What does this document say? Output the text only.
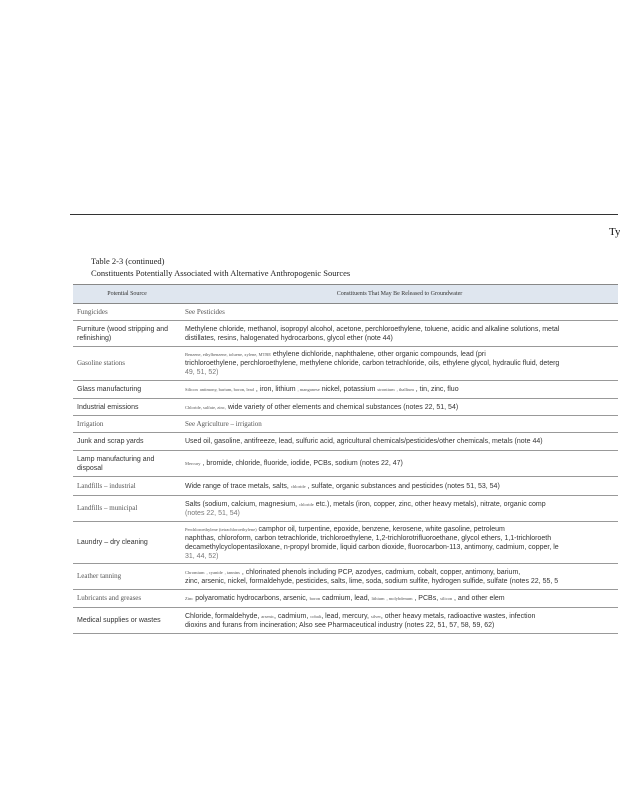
Ty
Table 2-3 (continued)
Constituents Potentially Associated with Alternative Anthropogenic Sources
Potential Source	Constituents That May Be Released to Groundwater
Fungicides	See Pesticides
Furniture (wood stripping and refinishing)	Methylene chloride, methanol, isopropyl alcohol, acetone, perchloroethylene, toluene, acidic and alkaline solutions, metal
distillates, resins, halogenated hydrocarbons, glycol ether (note 44)

Gasoline stations	Benzene, ethylbenzene, toluene, xylene, MTBE ethylene dichloride, naphthalene, other organic compounds, lead (pri
trichloroethylene, perchloroethylene, methylene chloride, carbon tetrachloride, oils, ethylene glycol, hydraulic fluid, deterg
49, 51, 52)

Glass manufacturing	Silicon antimony, barium, boron, lead , iron, lithium , manganese nickel, potassium strontium , thallium , tin, zinc, fluo
Industrial emissions	Chloride, sulfate, zinc, wide variety of other elements and chemical substances (notes 22, 51, 54)
Irrigation	See Agriculture – irrigation
Junk and scrap yards	Used oil, gasoline, antifreeze, lead, sulfuric acid, agricultural chemicals/pesticides/other chemicals, metals (note 44)
Lamp manufacturing and disposal	Mercury , bromide, chloride, fluoride, iodide, PCBs, sodium (notes 22, 47)
Landfills – industrial	Wide range of trace metals, salts, chloride , sulfate, organic substances and pesticides (notes 51, 53, 54)
Landfills – municipal	Salts (sodium, calcium, magnesium, chloride etc.), metals (iron, copper, zinc, other heavy metals), nitrate, organic comp
(notes 22, 51, 54)

Laundry – dry cleaning	Perchloroethylene (tetrachloroethylene) camphor oil, turpentine, epoxide, benzene, kerosene, white gasoline, petroleum
naphthas, chloroform, carbon tetrachloride, trichloroethylene, 1,2-trichlorotrifluoroethane, glycol ethers, 1,1-trichloroeth
decamethylcyclopentasiloxane, n-propyl bromide, liquid carbon dioxide, fluorocarbon-113, antimony, cadmium, copper, le
31, 44, 52)

Leather tanning	Chromium , cyanide , tannins , chlorinated phenols including PCP, azodyes, cadmium, cobalt, copper, antimony, barium,
zinc, arsenic, nickel, formaldehyde, pesticides, salts, lime, soda, sodium sulfite, hydrogen sulfide, sulfate (notes 22, 55, 5

Lubricants and greases	Zinc polyaromatic hydrocarbons, arsenic, boron cadmium, lead, lithium , molybdenum , PCBs, silicon , and other elem
Medical supplies or wastes	Chloride, formaldehyde, arsenic, cadmium, cobalt, lead, mercury, silver, other heavy metals, radioactive wastes, infection
dioxins and furans from incineration; Also see Pharmaceutical industry (notes 22, 51, 57, 58, 59, 62)
